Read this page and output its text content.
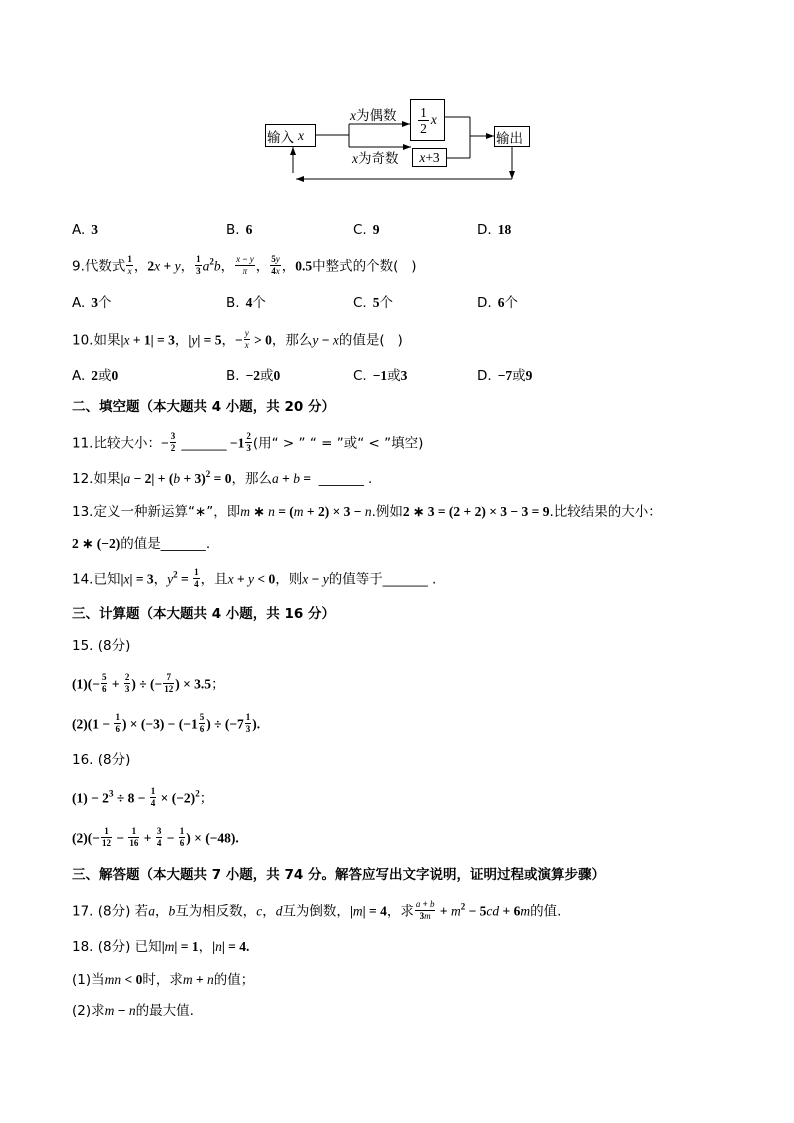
输入 x
x为偶数
x为奇数
$\frac{1}{2}$ x
x +3
输出

A. 3

	B. 6

	C. 9

	D. 18

9.代数式 $\frac{1}{x}$ ，2x + y， $\frac{1}{3} a^2b$， $\frac{x - y}{\pi}$ ， $\frac{5y}{4x}$ ，0.5中整式的个数(   )

A. 3个

	B. 4个

	C. 5个

	D. 6个

10.如果|x + 1| = 3，|y| = 5，− $\frac{y}{x} > 0$，那么y − x的值是(   )

A. 2或0

	B. −2或0

	C. −1或3

	D. −7或9

二、填空题（本大题共 4 小题，共 20 分）
11.比较大小：− $\frac{3}{2}$ ______ $-1 \frac{2}{3}$ (用“ > ” “ = ”或“ < ”填空)
12.如果$|a - 2| + (b + 3)^2 = 0$，那么a + b =  ______ .
13.定义一种新运算“∗”，即m ∗ n = (m + 2) × 3 − n.例如2 ∗ 3 = (2 + 2) × 3 − 3 = 9.比较结果的大小：
2 ∗ (−2)的值是______.
14.已知|x| = 3，$y^2 = \frac{1}{4}$ ，且x + y < 0，则x − y的值等于______ .
三、计算题（本大题共 4 小题，共 16 分）
15. (8分)
$(1)(- \frac{5}{6} + \frac{2}{3}$ ) ÷ (− $\frac{7}{12}$ ) × 3.5；
$(2)(1 - \frac{1}{6}$ ) × $(-3) - (-1 \frac{5}{6}$ ) ÷ ($-7 \frac{1}{3}$ ).
16. (8分)
$(1) - 2^3 \div 8 - \frac{1}{4} \times (-2)^2$；
$(2)(- \frac{1}{12} - \frac{1}{16} + \frac{3}{4} - \frac{1}{6}$ ) × (−48).
三、解答题（本大题共 7 小题，共 74 分。解答应写出文字说明，证明过程或演算步骤）
17. (8分) 若a，b互为相反数，c，d互为倒数，|m| = 4，求 $\frac{a + b}{3m} + m^2 - 5cd + 6m$的值.
18. (8分) 已知|m| = 1，|n| = 4.
(1)当mn < 0时，求m + n的值；
(2)求m − n的最大值.
